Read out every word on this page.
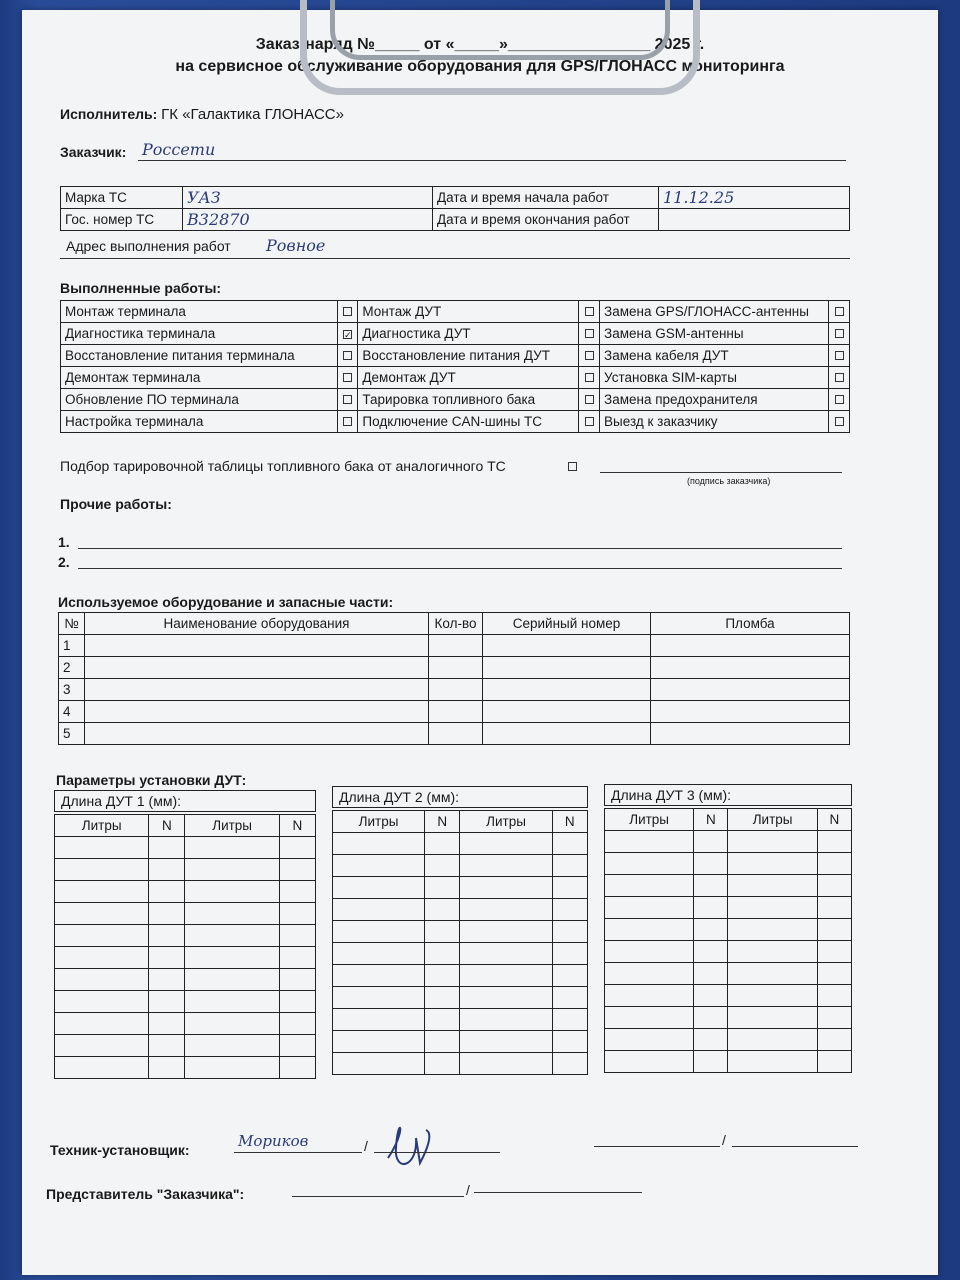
Заказ-наряд №_____ от «_____»________________ 2025 г.
на сервисное обслуживание оборудования для GPS/ГЛОНАСС мониторинга
Исполнитель: ГК «Галактика ГЛОНАСС»
Заказчик: Россети
Марка ТС	УАЗ	Дата и время начала работ	11.12.25
Гос. номер ТС	В32870	Дата и время окончания работ	
Адрес выполнения работ Ровное
Выполненные работы:
Монтаж терминала		Монтаж ДУТ		Замена GPS/ГЛОНАСС-антенны	
Диагностика терминала	✓	Диагностика ДУТ		Замена GSM-антенны	
Восстановление питания терминала		Восстановление питания ДУТ		Замена кабеля ДУТ	
Демонтаж терминала		Демонтаж ДУТ		Установка SIM-карты	
Обновление ПО терминала		Тарировка топливного бака		Замена предохранителя	
Настройка терминала		Подключение CAN-шины ТС		Выезд к заказчику	
Подбор тарировочной таблицы топливного бака от аналогичного ТС
(подпись заказчика)
Прочие работы:
1.
2.
Используемое оборудование и запасные части:
№	Наименование оборудования	Кол-во	Серийный номер	Пломба
1				
2				
3				
4				
5				
Параметры установки ДУТ:
Длина ДУТ 1 (мм):
Литры	N	Литры	N

Длина ДУТ 2 (мм):
Литры	N	Литры	N

Длина ДУТ 3 (мм):
Литры	N	Литры	N

Техник-установщик:	Мориков	/	/
Представитель "Заказчика":	/
